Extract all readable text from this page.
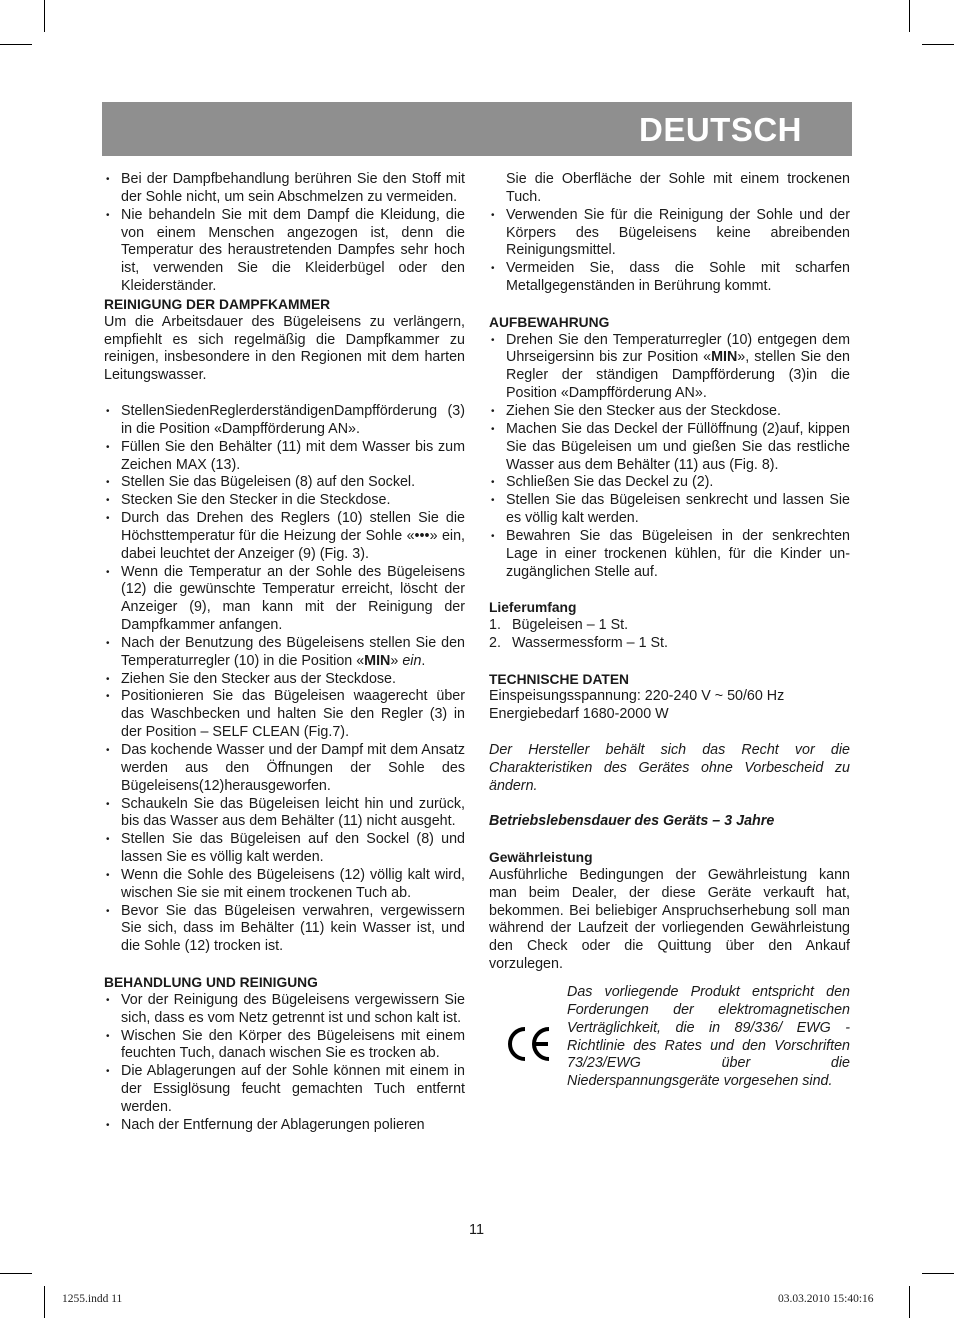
DEUTSCH
• Bei der Dampfbehandlung berühren Sie den Stoff mit der Sohle nicht, um sein Abschmelzen zu vermeiden.
• Nie behandeln Sie mit dem Dampf die Kleidung, die von einem Menschen angezogen ist, denn die Temperatur des heraustretenden Dampfes sehr hoch ist, verwenden Sie die Kleiderbügel oder den Kleiderständer.
REINIGUNG DER DAMPFKAMMER

Um die Arbeitsdauer des Bügeleisens zu verlängern, empfiehlt es sich regelmäßig die Dampfkammer zu reinigen, insbesondere in den Regionen mit dem harten Leitungswasser.

• StellenSiedenReglerderständigenDampfförderung (3) in die Position «Dampfförderung AN».
• Füllen Sie den Behälter (11) mit dem Wasser bis zum Zeichen MAX (13).
• Stellen Sie das Bügeleisen (8) auf den Sockel.
• Stecken Sie den Stecker in die Steckdose.
• Durch das Drehen des Reglers (10) stellen Sie die Höchsttemperatur für die Heizung der Sohle «•••» ein, dabei leuchtet der Anzeiger (9) (Fig. 3).
• Wenn die Temperatur an der Sohle des Bügeleisens (12) die gewünschte Temperatur erreicht, löscht der Anzeiger (9), man kann mit der Reinigung der Dampfkammer anfangen.
• Nach der Benutzung des Bügeleisens stellen Sie den Temperaturregler (10) in die Position «MIN» ein.
• Ziehen Sie den Stecker aus der Steckdose.
• Positionieren Sie das Bügeleisen waagerecht über das Waschbecken und halten Sie den Regler (3) in der Position – SELF CLEAN (Fig.7).
• Das kochende Wasser und der Dampf mit dem Ansatz werden aus den Öffnungen der Sohle des Bügeleisens(12)herausgeworfen.
• Schaukeln Sie das Bügeleisen leicht hin und zurück, bis das Wasser aus dem Behälter (11) nicht ausgeht.
• Stellen Sie das Bügeleisen auf den Sockel (8) und lassen Sie es völlig kalt werden.
• Wenn die Sohle des Bügeleisens (12) völlig kalt wird, wischen Sie sie mit einem trockenen Tuch ab.
• Bevor Sie das Bügeleisen verwahren, vergewissern Sie sich, dass im Behälter (11) kein Wasser ist, und die Sohle (12) trocken ist.
BEHANDLUNG UND REINIGUNG
• Vor der Reinigung des Bügeleisens vergewissern Sie sich, dass es vom Netz getrennt ist und schon kalt ist.
• Wischen Sie den Körper des Bügeleisens mit einem feuchten Tuch, danach wischen Sie es trocken ab.
• Die Ablagerungen auf der Sohle können mit einem in der Essiglösung feucht gemachten Tuch entfernt werden.
• Nach der Entfernung der Ablagerungen polieren
Sie die Oberfläche der Sohle mit einem trockenen Tuch.
• Verwenden Sie für die Reinigung der Sohle und der Körpers des Bügeleisens keine abreibenden Reinigungsmittel.
• Vermeiden Sie, dass die Sohle mit scharfen Metallgegenständen in Berührung kommt.
AUFBEWAHRUNG
• Drehen Sie den Temperaturregler (10) entgegen dem Uhrseigersinn bis zur Position «MIN», stellen Sie den Regler der ständigen Dampfförderung (3)in die Position «Dampfförderung AN».
• Ziehen Sie den Stecker aus der Steckdose.
• Machen Sie das Deckel der Füllöffnung (2)auf, kippen Sie das Bügeleisen um und gießen Sie das restliche Wasser aus dem Behälter (11) aus (Fig. 8).
• Schließen Sie das Deckel zu (2).
• Stellen Sie das Bügeleisen senkrecht und lassen Sie es völlig kalt werden.
• Bewahren Sie das Bügeleisen in der senkrechten Lage in einer trockenen kühlen, für die Kinder unzugänglichen Stelle auf.
Lieferumfang
1. Bügeleisen – 1 St.
2. Wassermessform – 1 St.
TECHNISCHE DATEN
Einspeisungsspannung: 220-240 V ~ 50/60 Hz
Energiebedarf 1680-2000 W

Der Hersteller behält sich das Recht vor die Charakteristiken des Gerätes ohne Vorbescheid zu ändern.

Betriebslebensdauer des Geräts – 3 Jahre
Gewährleistung

Ausführliche Bedingungen der Gewährleistung kann man beim Dealer, der diese Geräte verkauft hat, bekommen. Bei beliebiger Anspruchserhebung soll man während der Laufzeit der vorliegenden Gewährleistung den Check oder die Quittung über den Ankauf vorzulegen.

Das vorliegende Produkt entspricht den Forderungen der elektromagnetischen Verträglichkeit, die in 89/336/ EWG -Richtlinie des Rates und den Vorschriften 73/23/EWG über die Niederspannungsgeräte vorgesehen sind.
11
1255.indd 11	03.03.2010 15:40:16
